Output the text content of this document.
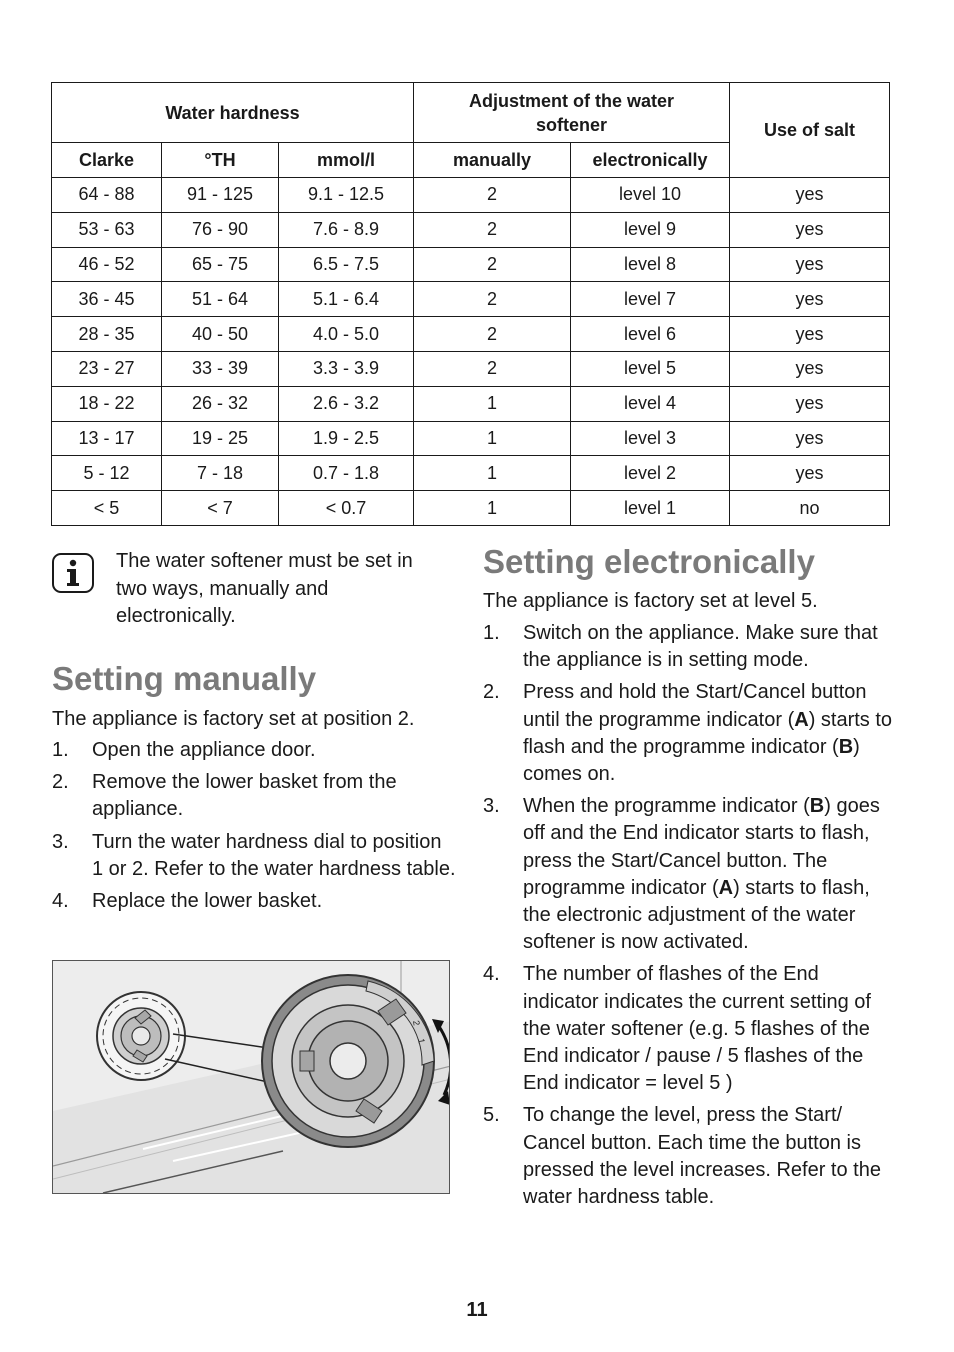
Water hardness			Adjustment of the water softener		Use of salt
Clarke	°TH	mmol/l	manually	electronically	
64 - 88	91 - 125	9.1 - 12.5	2	level 10	yes
53 - 63	76 - 90	7.6 - 8.9	2	level 9	yes
46 - 52	65 - 75	6.5 - 7.5	2	level 8	yes
36 - 45	51 - 64	5.1 - 6.4	2	level 7	yes
28 - 35	40 - 50	4.0 - 5.0	2	level 6	yes
23 - 27	33 - 39	3.3 - 3.9	2	level 5	yes
18 - 22	26 - 32	2.6 - 3.2	1	level 4	yes
13 - 17	19 - 25	1.9 - 2.5	1	level 3	yes
5 - 12	7 - 18	0.7 - 1.8	1	level 2	yes
< 5	< 7	< 0.7	1	level 1	no

The water softener must be set in two ways, manually and electronically.

Setting manually

The appliance is factory set at position 2.

1. Open the appliance door.
2. Remove the lower basket from the appliance.
3. Turn the water hardness dial to position 1 or 2. Refer to the water hardness table.
4. Replace the lower basket.
2
1
Setting electronically

The appliance is factory set at level 5.

1. Switch on the appliance. Make sure that the appliance is in setting mode.
2. Press and hold the Start/Cancel button until the programme indicator (A) starts to flash and the programme indicator (B) comes on.
3. When the programme indicator (B) goes off and the End indicator starts to flash, press the Start/Cancel button. The programme indicator (A) starts to flash, the electronic adjustment of the water softener is now activated.
4. The number of flashes of the End indicator indicates the current setting of the water softener (e.g. 5 flashes of the End indicator / pause / 5 flashes of the End indicator = level 5 )
5. To change the level, press the Start/ Cancel button. Each time the button is pressed the level increases. Refer to the water hardness table.
11
